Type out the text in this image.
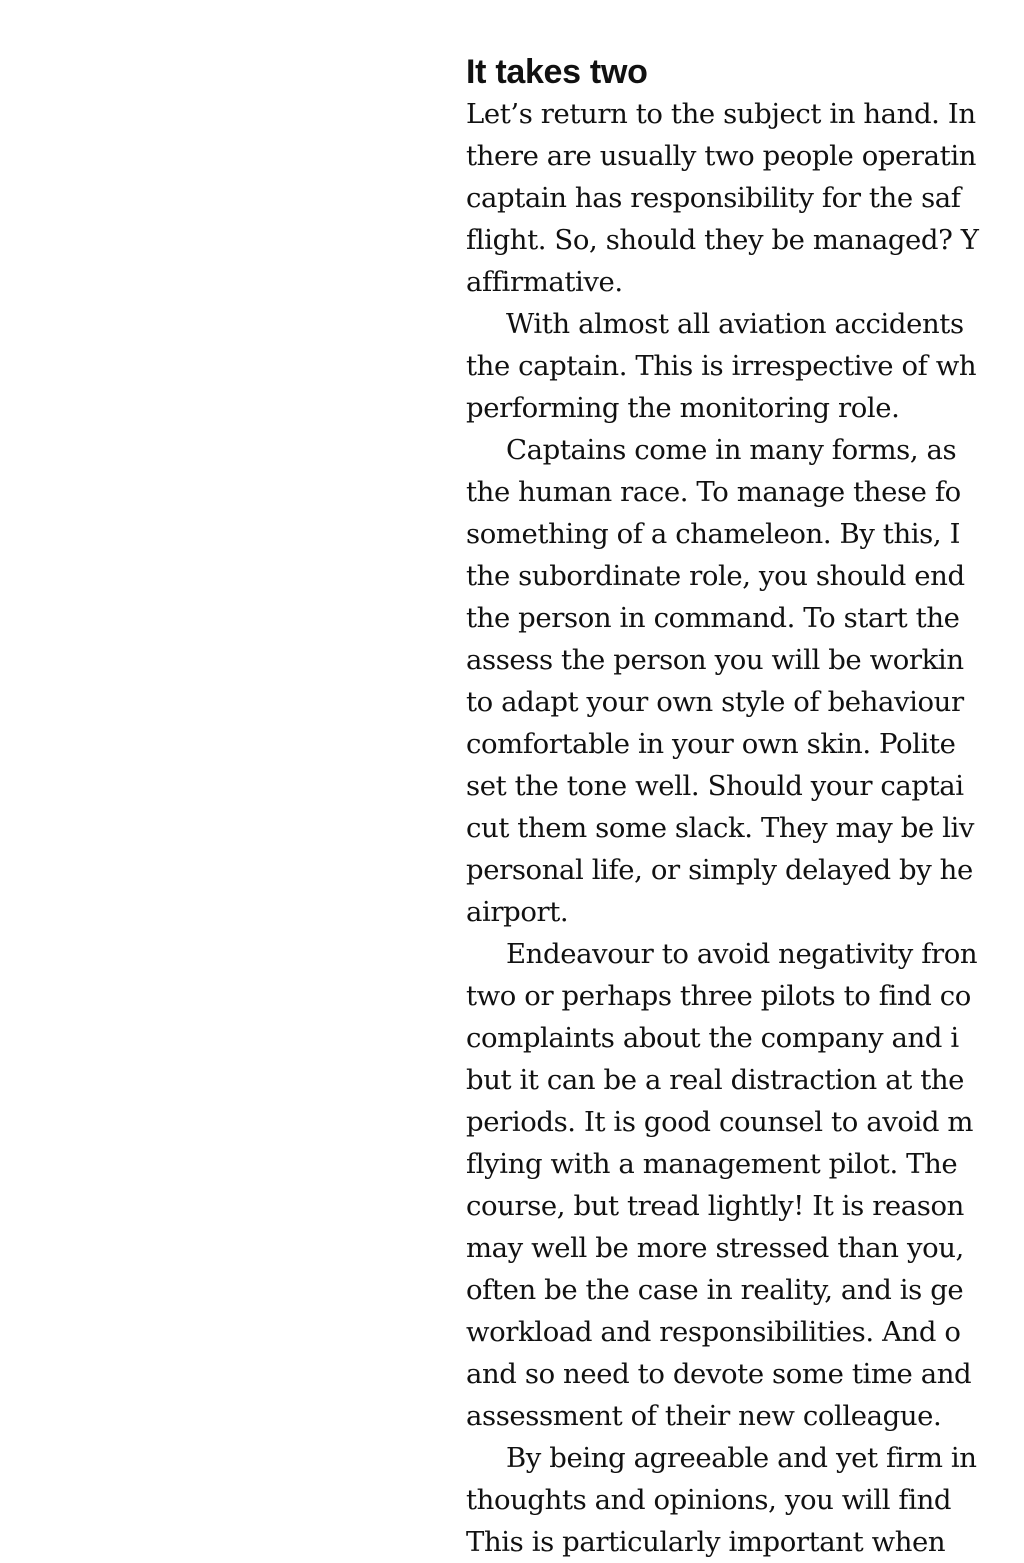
It takes two
Let’s return to the subject in hand. In
there are usually two people operatin
captain has responsibility for the saf
flight. So, should they be managed? Y
affirmative.
With almost all aviation accidents
the captain. This is irrespective of wh
performing the monitoring role.
Captains come in many forms, as
the human race. To manage these fo
something of a chameleon. By this, I
the subordinate role, you should end
the person in command. To start the
assess the person you will be workin
to adapt your own style of behaviour
comfortable in your own skin. Polite
set the tone well. Should your captai
cut them some slack. They may be liv
personal life, or simply delayed by he
airport.
Endeavour to avoid negativity fron
two or perhaps three pilots to find co
complaints about the company and i
but it can be a real distraction at the
periods. It is good counsel to avoid m
flying with a management pilot. The
course, but tread lightly! It is reason
may well be more stressed than you,
often be the case in reality, and is ge
workload and responsibilities. And o
and so need to devote some time and
assessment of their new colleague.
By being agreeable and yet firm in
thoughts and opinions, you will find
This is particularly important when
